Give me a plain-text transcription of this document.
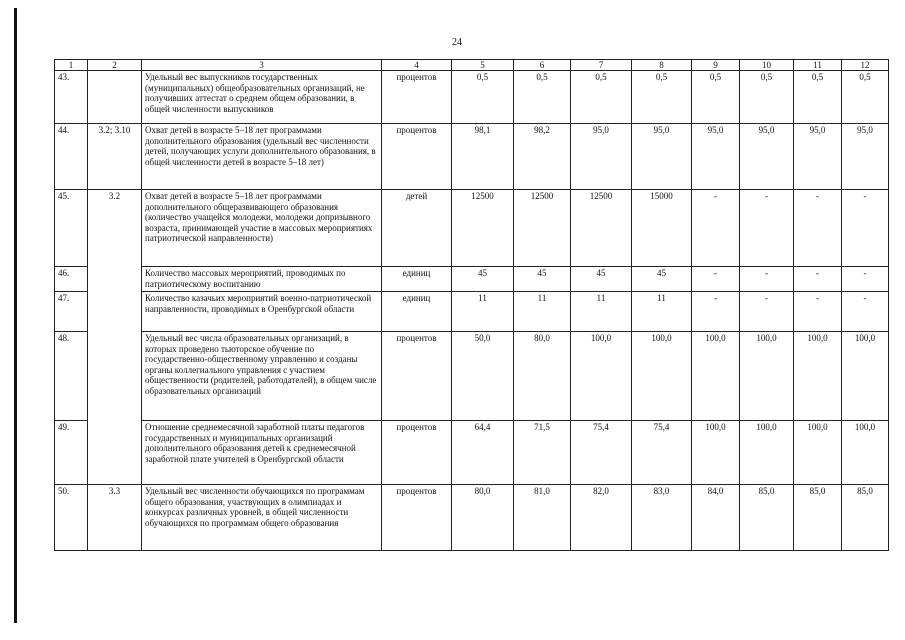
24
1	2	3	4	5	6	7	8	9	10	11	12
43.		Удельный вес выпускников государственных (муниципальных) общеобразовательных организаций, не получивших аттестат о среднем общем образовании, в общей численности выпускников	процентов	0,5	0,5	0,5	0,5	0,5	0,5	0,5	0,5
44.	3.2; 3.10	Охват детей в возрасте 5–18 лет программами дополнительного образования (удельный вес численности детей, получающих услуги дополнительного образования, в общей численности детей в возрасте 5–18 лет)	процентов	98,1	98,2	95,0	95,0	95,0	95,0	95,0	95,0
45.	3.2	Охват детей в возрасте 5–18 лет программами дополнительного общеразвивающего образования (количество учащейся молодежи, молодежи допризывного возраста, принимающей участие в массовых мероприятиях патриотической направленности)	детей	12500	12500	12500	15000	-	-	-	-
46.		Количество массовых мероприятий, проводимых по патриотическому воспитанию	единиц	45	45	45	45	-	-	-	-
47.		Количество казачьих мероприятий военно-патриотической направленности, проводимых в Оренбургской области	единиц	11	11	11	11	-	-	-	-
48.		Удельный вес числа образовательных организаций, в которых проведено тьюторское обучение по государственно-общественному управлению и созданы органы коллегиального управления с участием общественности (родителей, работодателей), в общем числе образовательных организаций	процентов	50,0	80,0	100,0	100,0	100,0	100,0	100,0	100,0
49.		Отношение среднемесячной заработной платы педагогов государственных и муниципальных организаций дополнительного образования детей к среднемесячной заработной плате учителей в Оренбургской области	процентов	64,4	71,5	75,4	75,4	100,0	100,0	100,0	100,0
50.	3.3	Удельный вес численности обучающихся по программам общего образования, участвующих в олимпиадах и конкурсах различных уровней, в общей численности обучающихся по программам общего образования	процентов	80,0	81,0	82,0	83,0	84,0	85,0	85,0	85,0
